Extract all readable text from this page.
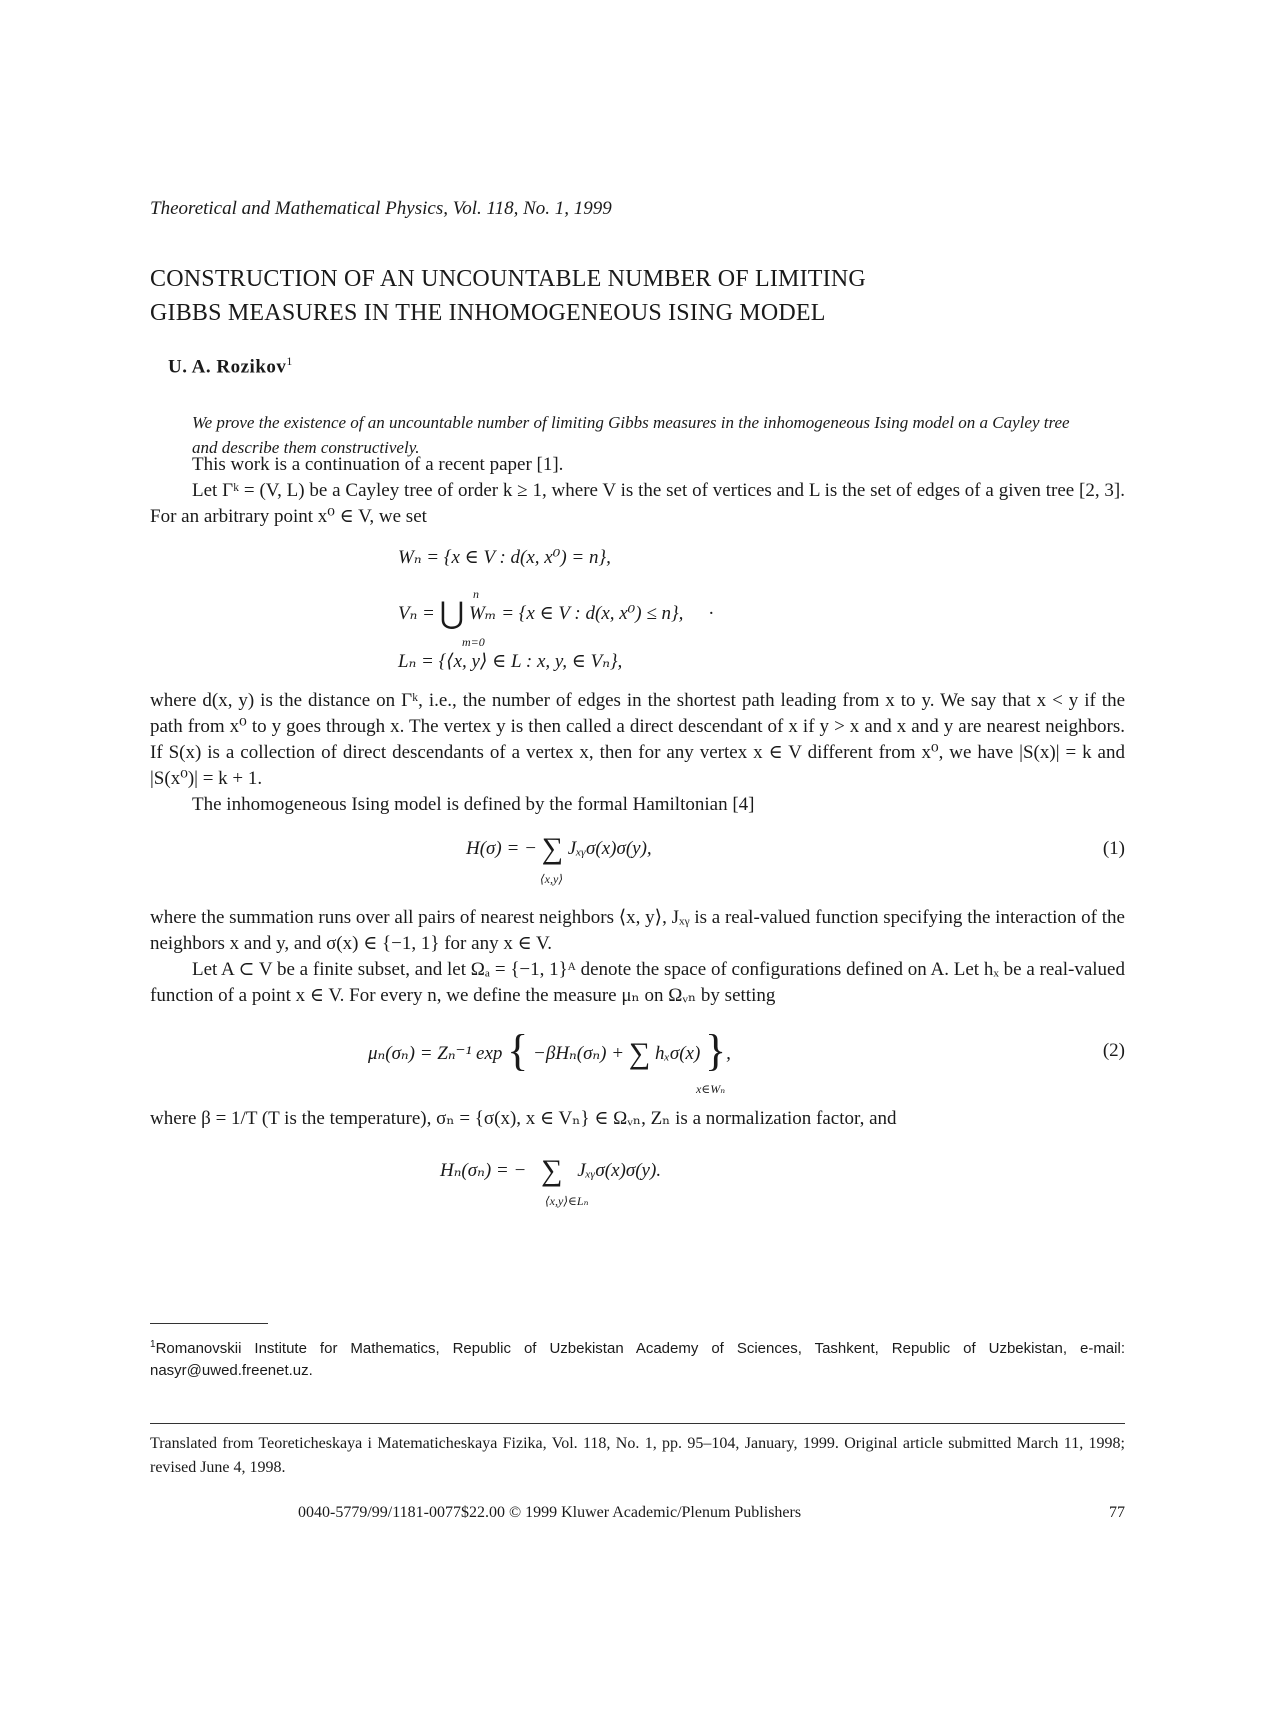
Theoretical and Mathematical Physics, Vol. 118, No. 1, 1999
CONSTRUCTION OF AN UNCOUNTABLE NUMBER OF LIMITING
GIBBS MEASURES IN THE INHOMOGENEOUS ISING MODEL
U. A. Rozikov$^1$
We prove the existence of an uncountable number of limiting Gibbs measures in the inhomogeneous Ising model on a Cayley tree and describe them constructively.

This work is a continuation of a recent paper [1].

Let Γᵏ = (V, L) be a Cayley tree of order k ≥ 1, where V is the set of vertices and L is the set of edges of a given tree [2, 3]. For an arbitrary point x⁰ ∈ V, we set

Wₙ = {x ∈ V : d(x, x⁰) = n},
n
Vₙ = ⋃ Wₘ = {x ∈ V : d(x, x⁰) ≤ n}, ·
m=0
Lₙ = {⟨x, y⟩ ∈ L : x, y, ∈ Vₙ},

where d(x, y) is the distance on Γᵏ, i.e., the number of edges in the shortest path leading from x to y. We say that x < y if the path from x⁰ to y goes through x. The vertex y is then called a direct descendant of x if y > x and x and y are nearest neighbors. If S(x) is a collection of direct descendants of a vertex x, then for any vertex x ∈ V different from x⁰, we have |S(x)| = k and |S(x⁰)| = k + 1.

The inhomogeneous Ising model is defined by the formal Hamiltonian [4]

H(σ) = − ∑ Jₓᵧσ(x)σ(y),
⟨x,y⟩
(1)

where the summation runs over all pairs of nearest neighbors ⟨x, y⟩, Jₓᵧ is a real-valued function specifying the interaction of the neighbors x and y, and σ(x) ∈ {−1, 1} for any x ∈ V.

Let A ⊂ V be a finite subset, and let Ωₐ = {−1, 1}ᴬ denote the space of configurations defined on A. Let hₓ be a real-valued function of a point x ∈ V. For every n, we define the measure μₙ on Ωᵥₙ by setting

μₙ(σₙ) = Zₙ⁻¹ exp { −βHₙ(σₙ) + ∑ hₓσ(x) },
x∈Wₙ
(2)

where β = 1/T (T is the temperature), σₙ = {σ(x), x ∈ Vₙ} ∈ Ωᵥₙ, Zₙ is a normalization factor, and

Hₙ(σₙ) = − ∑ Jₓᵧσ(x)σ(y).
⟨x,y⟩∈Lₙ
$^1$Romanovskii Institute for Mathematics, Republic of Uzbekistan Academy of Sciences, Tashkent, Republic of Uzbekistan, e-mail: nasyr@uwed.freenet.uz.
Translated from Teoreticheskaya i Matematicheskaya Fizika, Vol. 118, No. 1, pp. 95–104, January, 1999. Original article submitted March 11, 1998; revised June 4, 1998.
0040-5779/99/1181-0077$22.00 © 1999 Kluwer Academic/Plenum Publishers	77
